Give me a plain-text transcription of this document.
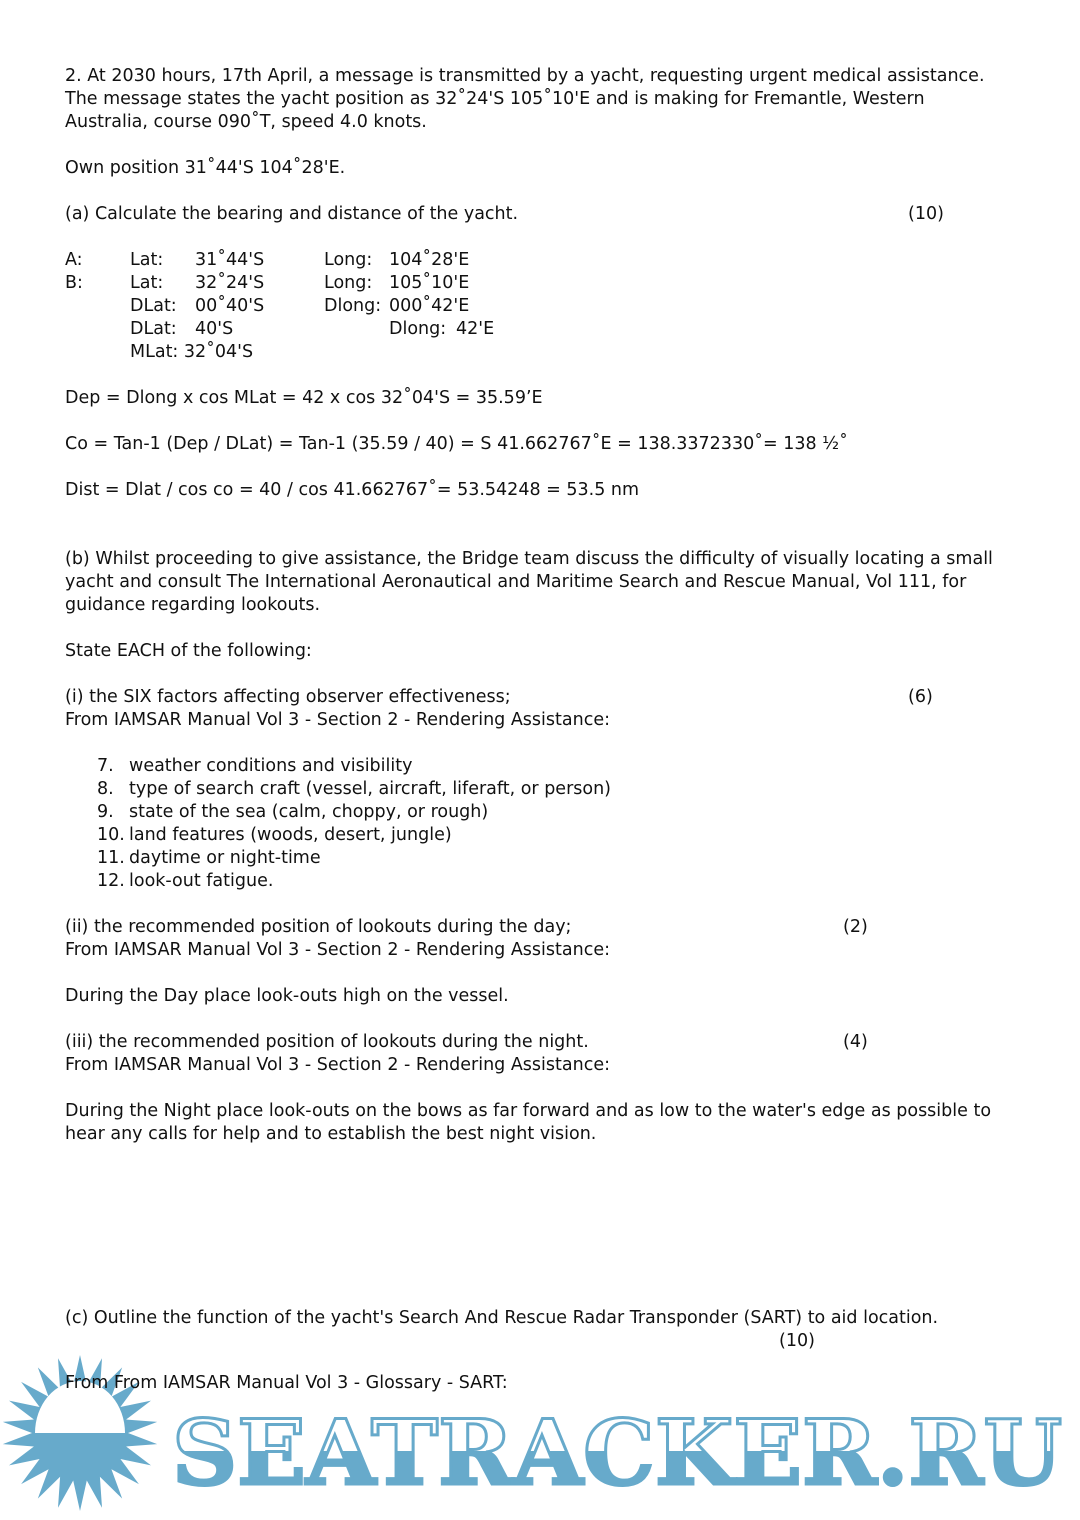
SEATRACKER.RU
2. At 2030 hours, 17th April, a message is transmitted by a yacht, requesting urgent medical assistance.
The message states the yacht position as 32˚24'S 105˚10'E and is making for Fremantle, Western
Australia, course 090˚T, speed 4.0 knots.
Own position 31˚44'S 104˚28'E.
(a) Calculate the bearing and distance of the yacht.	(10)
A:	Lat: 31˚44'S	Long: 104˚28'E
B:	Lat: 32˚24'S	Long: 105˚10'E
DLat: 00˚40'S	Dlong: 000˚42'E
DLat: 40'S	Dlong: 42'E
MLat: 32˚04'S
Dep = Dlong x cos MLat = 42 x cos 32˚04'S = 35.59’E
Co = Tan-1 (Dep / DLat) = Tan-1 (35.59 / 40) = S 41.662767˚E = 138.3372330˚= 138 ½˚
Dist = Dlat / cos co = 40 / cos 41.662767˚= 53.54248 = 53.5 nm
(b) Whilst proceeding to give assistance, the Bridge team discuss the difficulty of visually locating a small
yacht and consult The International Aeronautical and Maritime Search and Rescue Manual, Vol 111, for
guidance regarding lookouts.
State EACH of the following:
(i) the SIX factors affecting observer effectiveness;	(6)
From IAMSAR Manual Vol 3 - Section 2 - Rendering Assistance:
7. weather conditions and visibility
8. type of search craft (vessel, aircraft, liferaft, or person)
9. state of the sea (calm, choppy, or rough)
10. land features (woods, desert, jungle)
11. daytime or night-time
12. look-out fatigue.
(ii) the recommended position of lookouts during the day;	(2)
From IAMSAR Manual Vol 3 - Section 2 - Rendering Assistance:
During the Day place look-outs high on the vessel.
(iii) the recommended position of lookouts during the night.	(4)
From IAMSAR Manual Vol 3 - Section 2 - Rendering Assistance:
During the Night place look-outs on the bows as far forward and as low to the water's edge as possible to
hear any calls for help and to establish the best night vision.
(c) Outline the function of the yacht's Search And Rescue Radar Transponder (SART) to aid location.
(10)
From From IAMSAR Manual Vol 3 - Glossary - SART:
